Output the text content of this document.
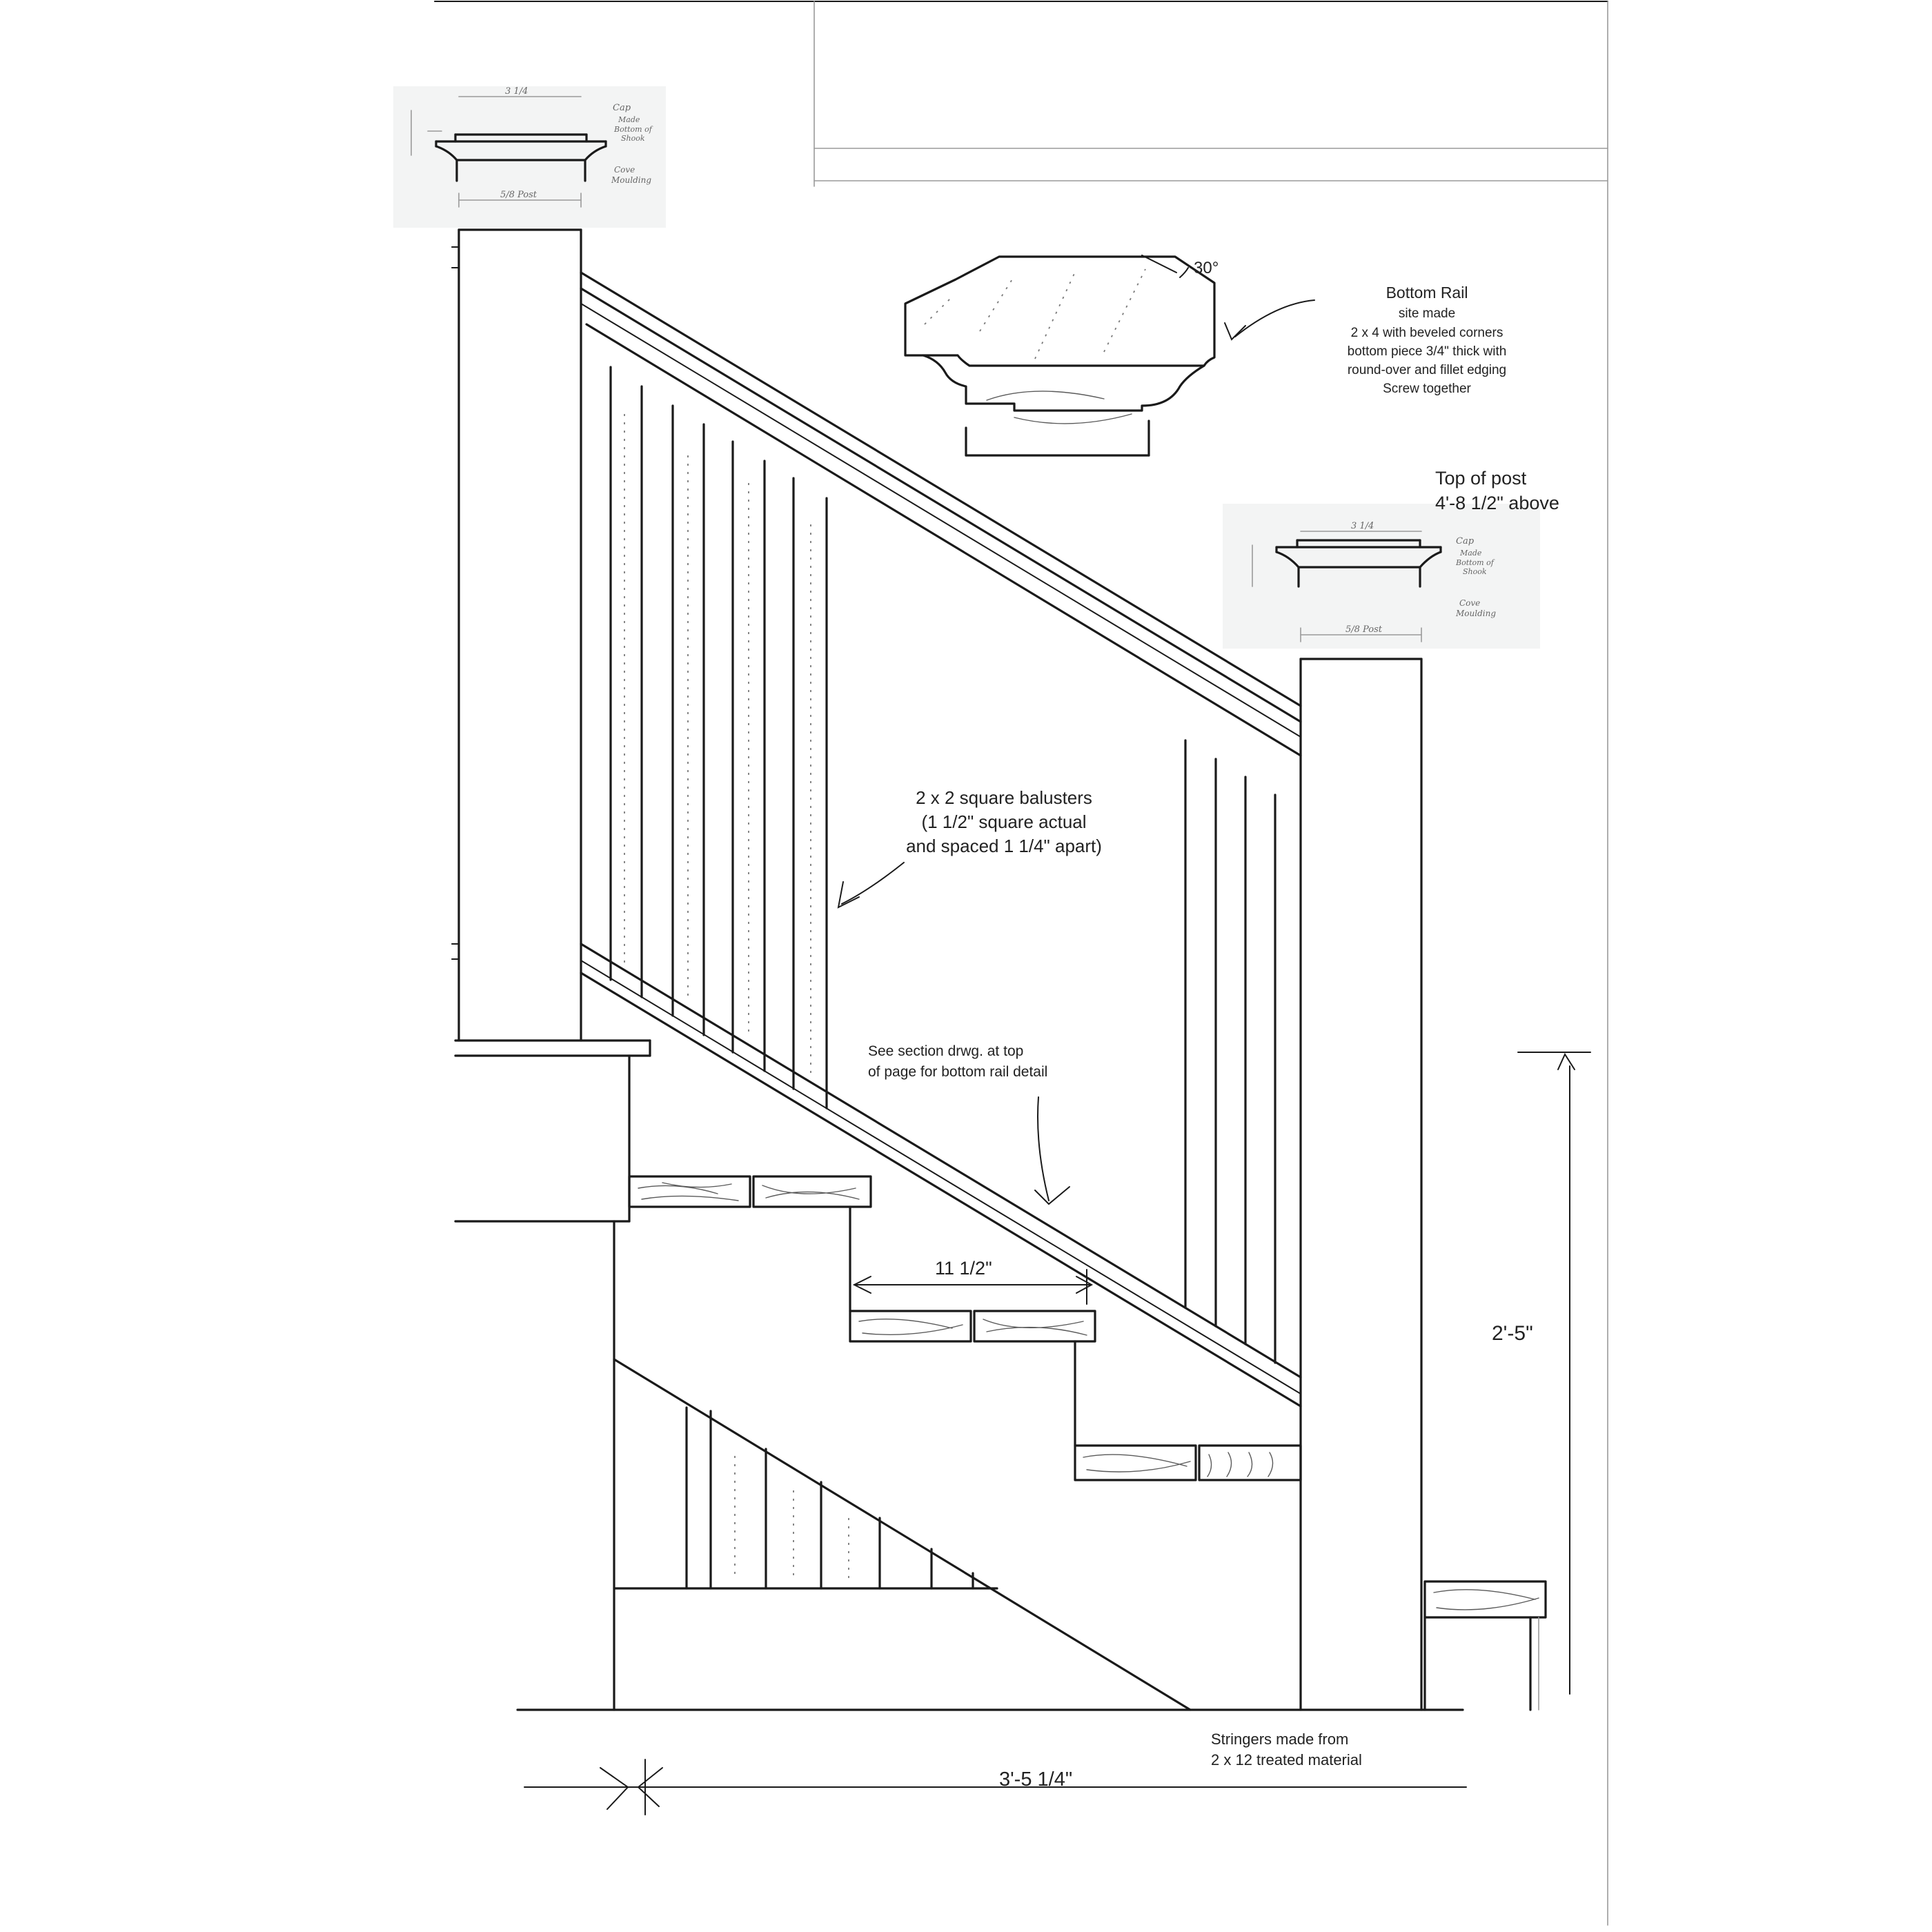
5/8 Post
3 1/4
Cap
Made
Bottom of
Shook
Cove
Moulding
5/8 Post
3 1/4
Cap
Made
Bottom of
Shook
Cove
Moulding
30°
Bottom Rail
site made
2 x 4 with beveled corners
bottom piece 3/4" thick with
round-over and fillet edging
Screw together
Top of post
4'-8 1/2" above
2 x 2 square balusters
(1 1/2" square actual
and spaced 1 1/4" apart)
See section drwg. at top
of page for bottom rail detail
11 1/2"
2'-5"
3'-5 1/4"
Stringers made from
2 x 12 treated material
